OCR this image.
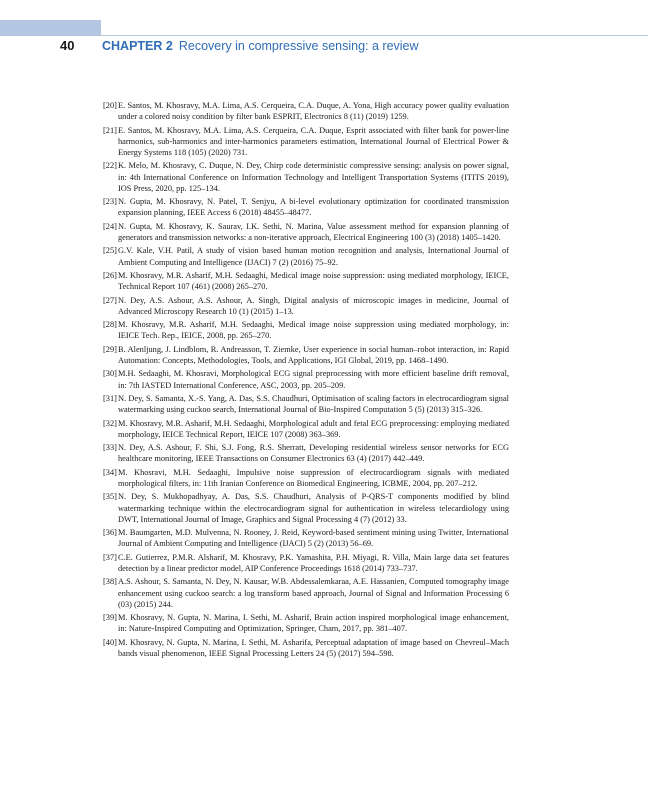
40	CHAPTER 2 Recovery in compressive sensing: a review
[20] E. Santos, M. Khosravy, M.A. Lima, A.S. Cerqueira, C.A. Duque, A. Yona, High accuracy power quality evaluation under a colored noisy condition by filter bank ESPRIT, Electronics 8 (11) (2019) 1259.
[21] E. Santos, M. Khosravy, M.A. Lima, A.S. Cerqueira, C.A. Duque, Esprit associated with filter bank for power-line harmonics, sub-harmonics and inter-harmonics parameters estimation, International Journal of Electrical Power & Energy Systems 118 (105) (2020) 731.
[22] K. Melo, M. Khosravy, C. Duque, N. Dey, Chirp code deterministic compressive sensing: analysis on power signal, in: 4th International Conference on Information Technology and Intelligent Transportation Systems (ITITS 2019), IOS Press, 2020, pp. 125–134.
[23] N. Gupta, M. Khosravy, N. Patel, T. Senjyu, A bi-level evolutionary optimization for coordinated transmission expansion planning, IEEE Access 6 (2018) 48455–48477.
[24] N. Gupta, M. Khosravy, K. Saurav, I.K. Sethi, N. Marina, Value assessment method for expansion planning of generators and transmission networks: a non-iterative approach, Electrical Engineering 100 (3) (2018) 1405–1420.
[25] G.V. Kale, V.H. Patil, A study of vision based human motion recognition and analysis, International Journal of Ambient Computing and Intelligence (IJACI) 7 (2) (2016) 75–92.
[26] M. Khosravy, M.R. Asharif, M.H. Sedaaghi, Medical image noise suppression: using mediated morphology, IEICE, Technical Report 107 (461) (2008) 265–270.
[27] N. Dey, A.S. Ashour, A.S. Ashour, A. Singh, Digital analysis of microscopic images in medicine, Journal of Advanced Microscopy Research 10 (1) (2015) 1–13.
[28] M. Khosravy, M.R. Asharif, M.H. Sedaaghi, Medical image noise suppression using mediated morphology, in: IEICE Tech. Rep., IEICE, 2008, pp. 265–270.
[29] B. Alenljung, J. Lindblom, R. Andreasson, T. Ziemke, User experience in social human–robot interaction, in: Rapid Automation: Concepts, Methodologies, Tools, and Applications, IGI Global, 2019, pp. 1468–1490.
[30] M.H. Sedaaghi, M. Khosravi, Morphological ECG signal preprocessing with more efficient baseline drift removal, in: 7th IASTED International Conference, ASC, 2003, pp. 205–209.
[31] N. Dey, S. Samanta, X.-S. Yang, A. Das, S.S. Chaudhuri, Optimisation of scaling factors in electrocardiogram signal watermarking using cuckoo search, International Journal of Bio-Inspired Computation 5 (5) (2013) 315–326.
[32] M. Khosravy, M.R. Asharif, M.H. Sedaaghi, Morphological adult and fetal ECG preprocessing: employing mediated morphology, IEICE Technical Report, IEICE 107 (2008) 363–369.
[33] N. Dey, A.S. Ashour, F. Shi, S.J. Fong, R.S. Sherratt, Developing residential wireless sensor networks for ECG healthcare monitoring, IEEE Transactions on Consumer Electronics 63 (4) (2017) 442–449.
[34] M. Khosravi, M.H. Sedaaghi, Impulsive noise suppression of electrocardiogram signals with mediated morphological filters, in: 11th Iranian Conference on Biomedical Engineering, ICBME, 2004, pp. 207–212.
[35] N. Dey, S. Mukhopadhyay, A. Das, S.S. Chaudhuri, Analysis of P-QRS-T components modified by blind watermarking technique within the electrocardiogram signal for authentication in wireless telecardiology using DWT, International Journal of Image, Graphics and Signal Processing 4 (7) (2012) 33.
[36] M. Baumgarten, M.D. Mulvenna, N. Rooney, J. Reid, Keyword-based sentiment mining using Twitter, International Journal of Ambient Computing and Intelligence (IJACI) 5 (2) (2013) 56–69.
[37] C.E. Gutierrez, P.M.R. Alsharif, M. Khosravy, P.K. Yamashita, P.H. Miyagi, R. Villa, Main large data set features detection by a linear predictor model, AIP Conference Proceedings 1618 (2014) 733–737.
[38] A.S. Ashour, S. Samanta, N. Dey, N. Kausar, W.B. Abdessalemkaraa, A.E. Hassanien, Computed tomography image enhancement using cuckoo search: a log transform based approach, Journal of Signal and Information Processing 6 (03) (2015) 244.
[39] M. Khosravy, N. Gupta, N. Marina, I. Sethi, M. Asharif, Brain action inspired morphological image enhancement, in: Nature-Inspired Computing and Optimization, Springer, Cham, 2017, pp. 381–407.
[40] M. Khosravy, N. Gupta, N. Marina, I. Sethi, M. Asharifa, Perceptual adaptation of image based on Chevreul–Mach bands visual phenomenon, IEEE Signal Processing Letters 24 (5) (2017) 594–598.
